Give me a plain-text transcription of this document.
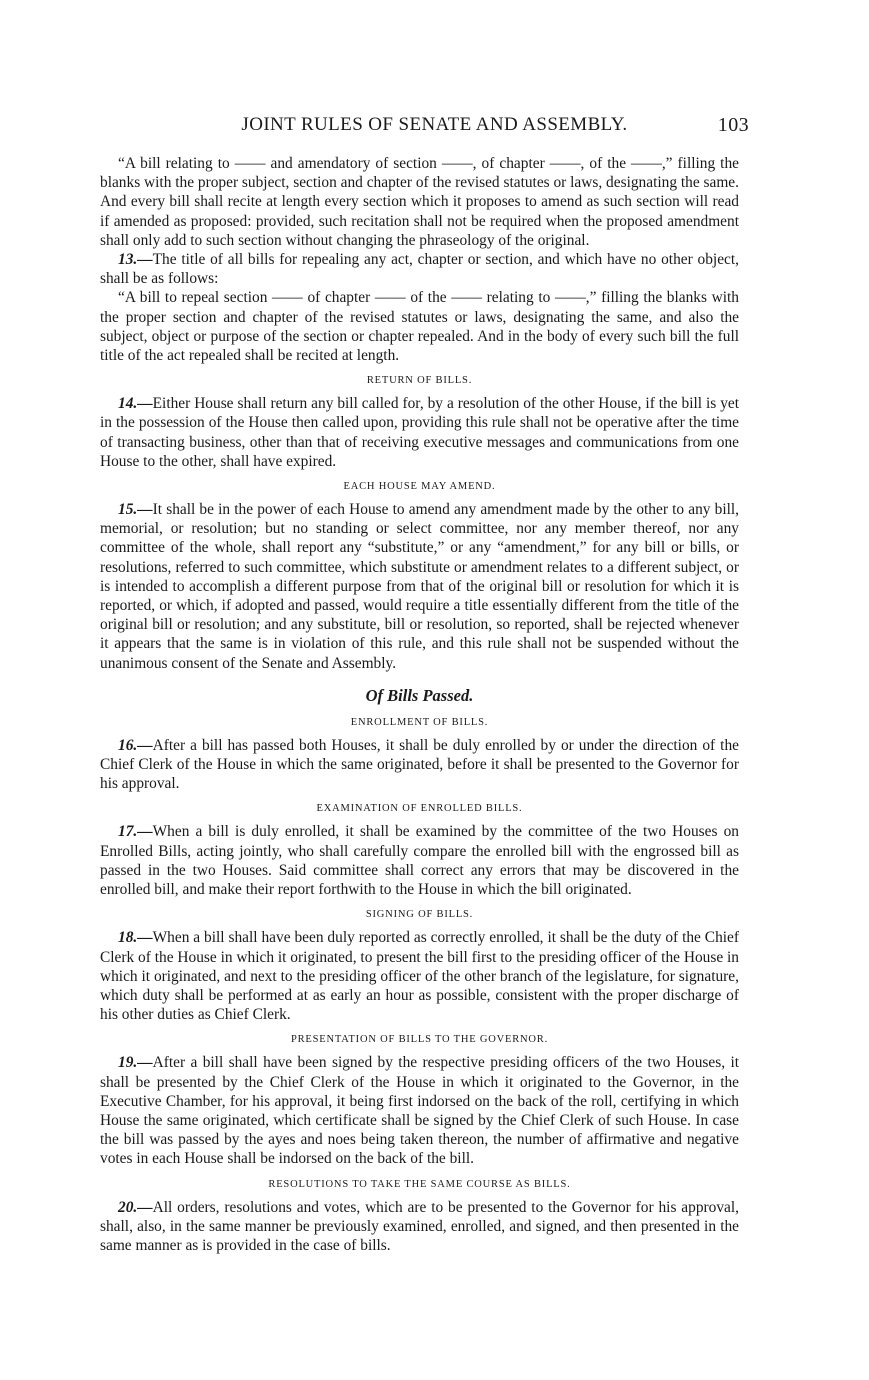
JOINT RULES OF SENATE AND ASSEMBLY.	103

“A bill relating to —— and amendatory of section ——, of chapter ——, of the ——,” filling the blanks with the proper subject, section and chapter of the revised statutes or laws, designating the same. And every bill shall recite at length every section which it proposes to amend as such section will read if amended as proposed: provided, such recitation shall not be required when the proposed amendment shall only add to such section without changing the phraseology of the original.

13.—The title of all bills for repealing any act, chapter or section, and which have no other object, shall be as follows:

“A bill to repeal section —— of chapter —— of the —— relating to ——,” filling the blanks with the proper section and chapter of the revised statutes or laws, designating the same, and also the subject, object or purpose of the section or chapter repealed. And in the body of every such bill the full title of the act repealed shall be recited at length.

RETURN OF BILLS.

14.—Either House shall return any bill called for, by a resolution of the other House, if the bill is yet in the possession of the House then called upon, providing this rule shall not be operative after the time of transacting business, other than that of receiving executive messages and communications from one House to the other, shall have expired.

EACH HOUSE MAY AMEND.

15.—It shall be in the power of each House to amend any amendment made by the other to any bill, memorial, or resolution; but no standing or select committee, nor any member thereof, nor any committee of the whole, shall report any “substitute,” or any “amendment,” for any bill or bills, or resolutions, referred to such committee, which substitute or amendment relates to a different subject, or is intended to accomplish a different purpose from that of the original bill or resolution for which it is reported, or which, if adopted and passed, would require a title essentially different from the title of the original bill or resolution; and any substitute, bill or resolution, so reported, shall be rejected whenever it appears that the same is in violation of this rule, and this rule shall not be suspended without the unanimous consent of the Senate and Assembly.

Of Bills Passed.
ENROLLMENT OF BILLS.

16.—After a bill has passed both Houses, it shall be duly enrolled by or under the direction of the Chief Clerk of the House in which the same originated, before it shall be presented to the Governor for his approval.

EXAMINATION OF ENROLLED BILLS.

17.—When a bill is duly enrolled, it shall be examined by the committee of the two Houses on Enrolled Bills, acting jointly, who shall carefully compare the enrolled bill with the engrossed bill as passed in the two Houses. Said committee shall correct any errors that may be discovered in the enrolled bill, and make their report forthwith to the House in which the bill originated.

SIGNING OF BILLS.

18.—When a bill shall have been duly reported as correctly enrolled, it shall be the duty of the Chief Clerk of the House in which it originated, to present the bill first to the presiding officer of the House in which it originated, and next to the presiding officer of the other branch of the legislature, for signature, which duty shall be performed at as early an hour as possible, consistent with the proper discharge of his other duties as Chief Clerk.

PRESENTATION OF BILLS TO THE GOVERNOR.

19.—After a bill shall have been signed by the respective presiding officers of the two Houses, it shall be presented by the Chief Clerk of the House in which it originated to the Governor, in the Executive Chamber, for his approval, it being first indorsed on the back of the roll, certifying in which House the same originated, which certificate shall be signed by the Chief Clerk of such House. In case the bill was passed by the ayes and noes being taken thereon, the number of affirmative and negative votes in each House shall be indorsed on the back of the bill.

RESOLUTIONS TO TAKE THE SAME COURSE AS BILLS.

20.—All orders, resolutions and votes, which are to be presented to the Governor for his approval, shall, also, in the same manner be previously examined, enrolled, and signed, and then presented in the same manner as is provided in the case of bills.
